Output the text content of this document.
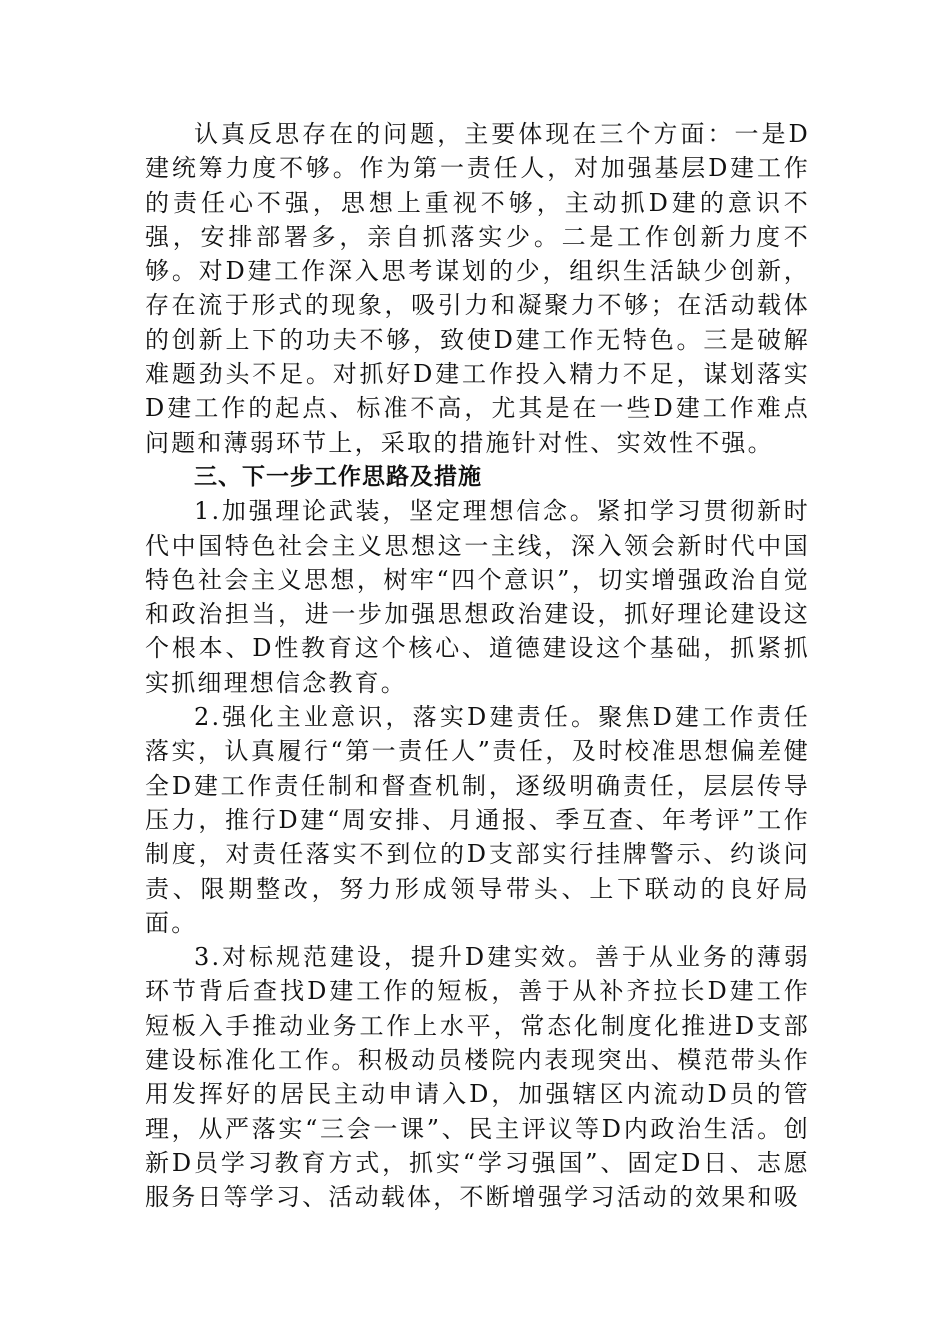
认真反思存在的问题，主要体现在三个方面：一是D建统筹力度不够。作为第一责任人，对加强基层D建工作的责任心不强，思想上重视不够，主动抓D建的意识不强，安排部署多，亲自抓落实少。二是工作创新力度不够。对D建工作深入思考谋划的少，组织生活缺少创新，存在流于形式的现象，吸引力和凝聚力不够；在活动载体的创新上下的功夫不够，致使D建工作无特色。三是破解难题劲头不足。对抓好D建工作投入精力不足，谋划落实D建工作的起点、标准不高，尤其是在一些D建工作难点问题和薄弱环节上，采取的措施针对性、实效性不强。

三、下一步工作思路及措施

1.加强理论武装，坚定理想信念。紧扣学习贯彻新时代中国特色社会主义思想这一主线，深入领会新时代中国特色社会主义思想，树牢“四个意识”，切实增强政治自觉和政治担当，进一步加强思想政治建设，抓好理论建设这个根本、D性教育这个核心、道德建设这个基础，抓紧抓实抓细理想信念教育。

2.强化主业意识，落实D建责任。聚焦D建工作责任落实，认真履行“第一责任人”责任，及时校准思想偏差健全D建工作责任制和督查机制，逐级明确责任，层层传导压力，推行D建“周安排、月通报、季互查、年考评”工作制度，对责任落实不到位的D支部实行挂牌警示、约谈问责、限期整改，努力形成领导带头、上下联动的良好局面。

3.对标规范建设，提升D建实效。善于从业务的薄弱环节背后查找D建工作的短板，善于从补齐拉长D建工作短板入手推动业务工作上水平，常态化制度化推进D支部建设标准化工作。积极动员楼院内表现突出、模范带头作用发挥好的居民主动申请入D，加强辖区内流动D员的管理，从严落实“三会一课”、民主评议等D内政治生活。创新D员学习教育方式，抓实“学习强国”、固定D日、志愿服务日等学习、活动载体，不断增强学习活动的效果和吸
